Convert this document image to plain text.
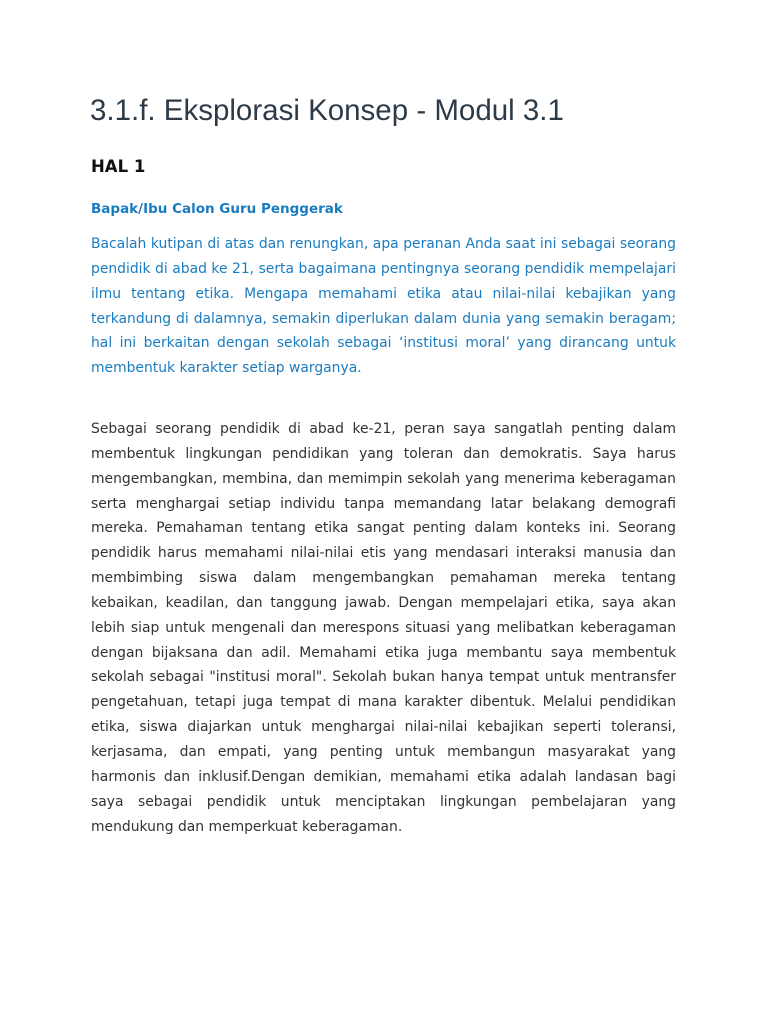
3.1.f. Eksplorasi Konsep - Modul 3.1
HAL 1

Bapak/Ibu Calon Guru Penggerak

Bacalah kutipan di atas dan renungkan, apa peranan Anda saat ini sebagai seorang pendidik di abad ke 21, serta bagaimana pentingnya seorang pendidik mempelajari ilmu tentang etika. Mengapa memahami etika atau nilai-nilai kebajikan yang terkandung di dalamnya, semakin diperlukan dalam dunia yang semakin beragam; hal ini berkaitan dengan sekolah sebagai ‘institusi moral’ yang dirancang untuk membentuk karakter setiap warganya.

Sebagai seorang pendidik di abad ke-21, peran saya sangatlah penting dalam membentuk lingkungan pendidikan yang toleran dan demokratis. Saya harus mengembangkan, membina, dan memimpin sekolah yang menerima keberagaman serta menghargai setiap individu tanpa memandang latar belakang demografi mereka. Pemahaman tentang etika sangat penting dalam konteks ini. Seorang pendidik harus memahami nilai-nilai etis yang mendasari interaksi manusia dan membimbing siswa dalam mengembangkan pemahaman mereka tentang kebaikan, keadilan, dan tanggung jawab. Dengan mempelajari etika, saya akan lebih siap untuk mengenali dan merespons situasi yang melibatkan keberagaman dengan bijaksana dan adil. Memahami etika juga membantu saya membentuk sekolah sebagai "institusi moral". Sekolah bukan hanya tempat untuk mentransfer pengetahuan, tetapi juga tempat di mana karakter dibentuk. Melalui pendidikan etika, siswa diajarkan untuk menghargai nilai-nilai kebajikan seperti toleransi, kerjasama, dan empati, yang penting untuk membangun masyarakat yang harmonis dan inklusif.Dengan demikian, memahami etika adalah landasan bagi saya sebagai pendidik untuk menciptakan lingkungan pembelajaran yang mendukung dan memperkuat keberagaman.
